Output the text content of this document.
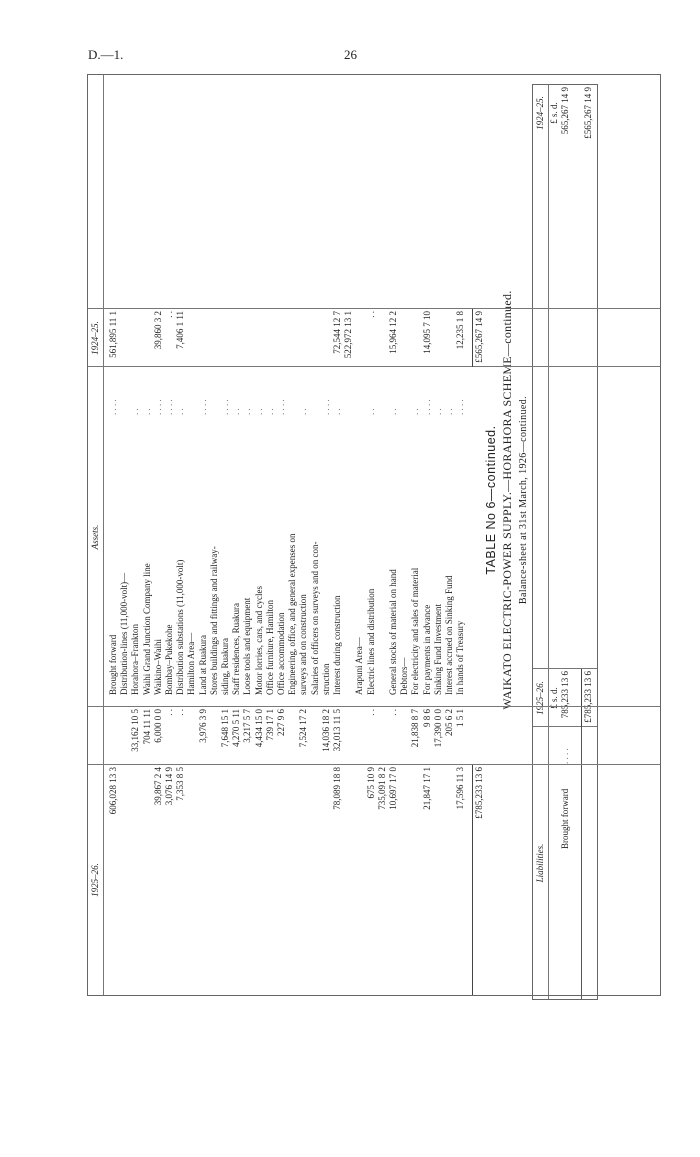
D.—1.	26
TABLE No 6—continued. WAIKATO ELECTRIC-POWER SUPPLY.—HORAHORA SCHEME—continued. Balance-sheet at 31st March, 1926—continued.
Liabilities.
1925–26.
1924–25.
£ s. d.
£ s. d.
Brought forward
. . . .
785,233 13 6
565,267 14 9
£785,233 13 6
£565,267 14 9
Assets.
1924–25.
1925–26.
Brought forward
. . . .
561,895 11 1
606,028 13 3
Distribution-lines (11,000-volt)— Horahora–Frankton
. .
33,162 10 5
Waihi Grand Junction Company line
. .
704 11 11
Waikino–Waihi
. . . .
39,860 3 2
6,000 0 0
39,867 2 4
Bombay–Pukekohe
. . . .
. .
. .
3,076 14 9
Distribution substations (11,000-volt)
. .
7,406 1 11
. .
7,353 8 5
Hamilton Area— Land at Ruakura
. . . .
3,976 3 9
Stores buildings and fittings and railway- siding, Ruakura
. . . .
7,648 15 1
Staff residences, Ruakura
. .
4,270 5 11
Loose tools and equipment
. .
3,217 5 7
Motor lorries, cars, and cycles
. .
4,434 15 0
Office furniture, Hamilton
. .
739 17 1
Office accommodation
. . . .
227 9 6
Engineering, office, and general expenses on surveys and on construction
. .
7,524 17 2
Salaries of officers on surveys and on con- struction
. . . .
14,036 18 2
Interest during construction
. .
72,544 12 7
32,013 11 5
78,089 18 8
522,972 13 1
Arapuni Area— Electric lines and distribution
. .
. .
. .
675 10 9 735,091 8 2
General stocks of material on hand
. .
15,964 12 2
. .
10,697 17 0
Debtors— For electricity and sales of material
. .
21,838 8 7
For payments in advance
. . . .
14,095 7 10
9 8 6
21,847 17 1
Sinking Fund Investment
. .
17,390 0 0
Interest accrued on Sinking Fund
. .
205 6 2
In hands of Treasury
. . . .
12,235 1 8
1 5 1
17,596 11 3 £785,233 13 6
£565,267 14 9
